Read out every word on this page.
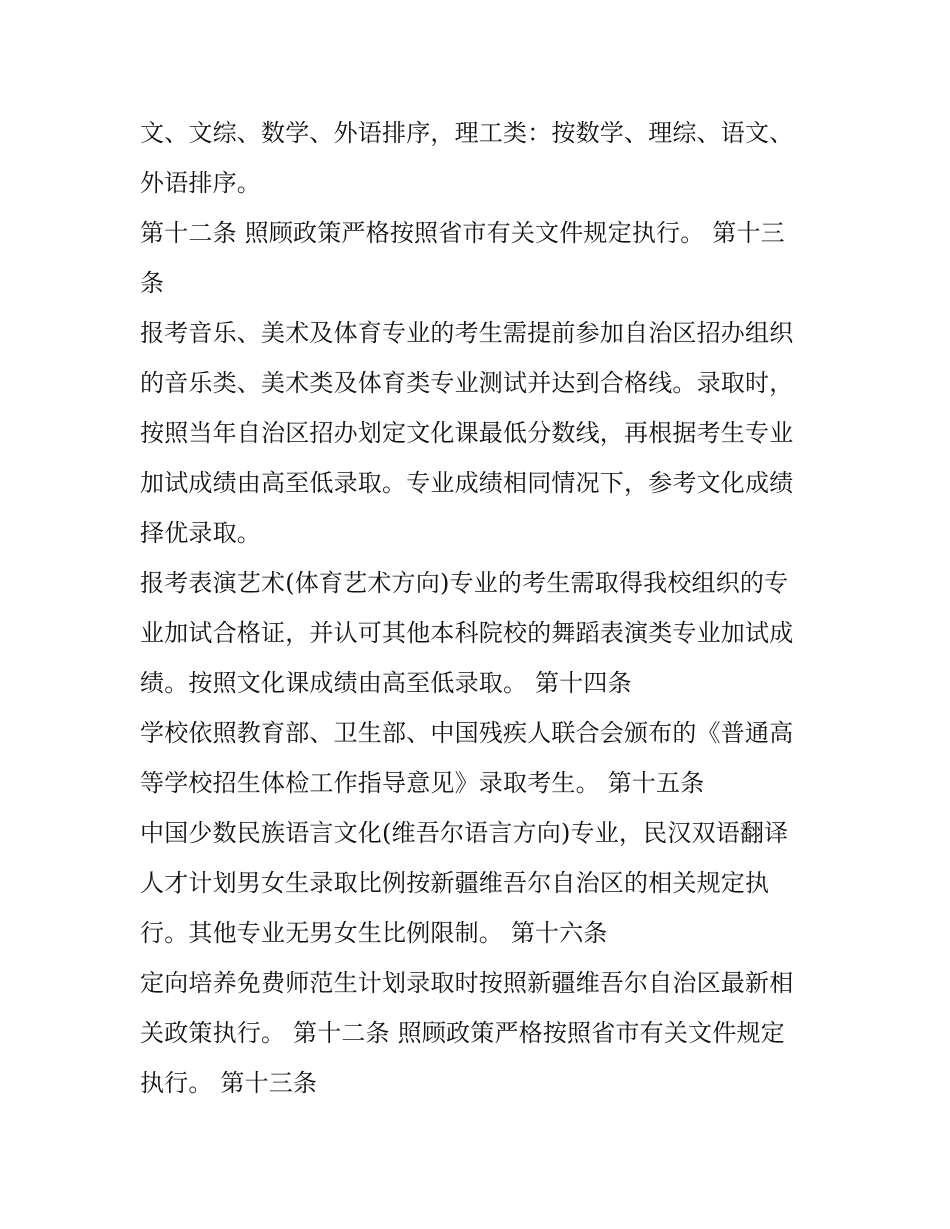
文、文综、数学、外语排序，理工类：按数学、理综、语文、
外语排序。
第十二条 照顾政策严格按照省市有关文件规定执行。 第十三
条
报考音乐、美术及体育专业的考生需提前参加自治区招办组织
的音乐类、美术类及体育类专业测试并达到合格线。录取时，
按照当年自治区招办划定文化课最低分数线，再根据考生专业
加试成绩由高至低录取。专业成绩相同情况下，参考文化成绩
择优录取。
报考表演艺术(体育艺术方向)专业的考生需取得我校组织的专
业加试合格证，并认可其他本科院校的舞蹈表演类专业加试成
绩。按照文化课成绩由高至低录取。 第十四条
学校依照教育部、卫生部、中国残疾人联合会颁布的《普通高
等学校招生体检工作指导意见》录取考生。 第十五条
中国少数民族语言文化(维吾尔语言方向)专业，民汉双语翻译
人才计划男女生录取比例按新疆维吾尔自治区的相关规定执
行。其他专业无男女生比例限制。 第十六条
定向培养免费师范生计划录取时按照新疆维吾尔自治区最新相
关政策执行。 第十二条 照顾政策严格按照省市有关文件规定
执行。 第十三条
